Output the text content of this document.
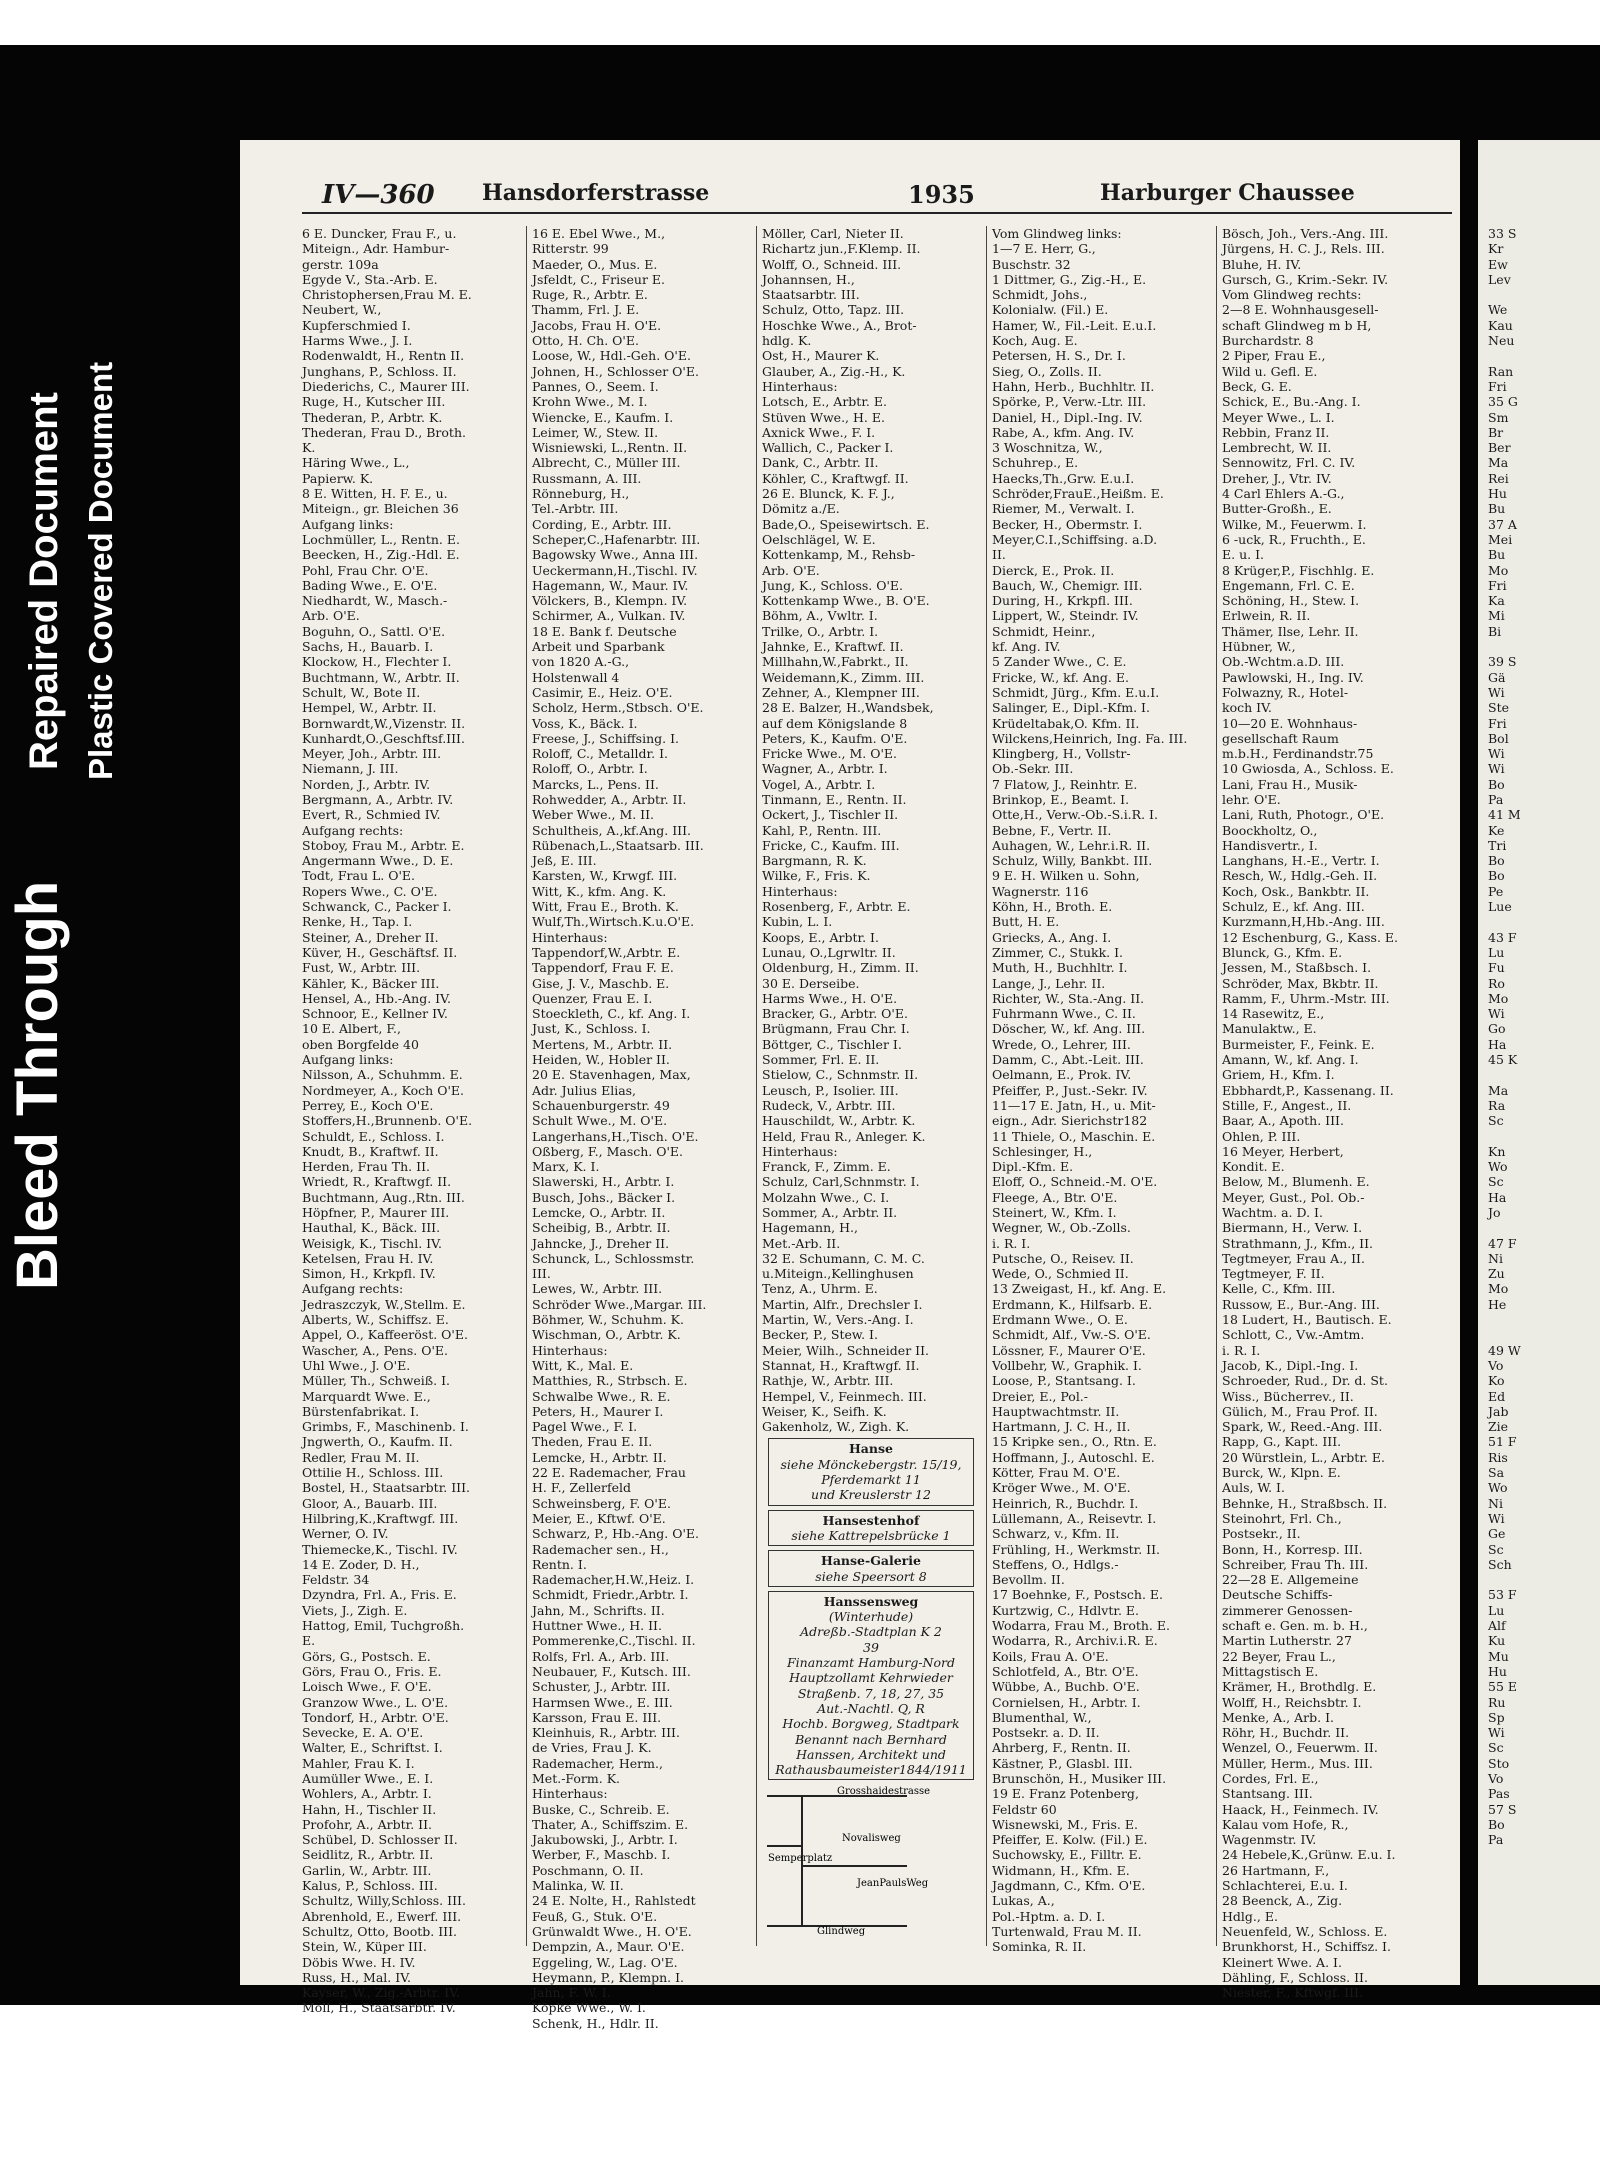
Bleed Through
Repaired Document Plastic Covered Document
IV—360 Hansdorferstrasse	1935	Harburger Chaussee
6 E. Duncker, Frau F., u.
Miteign., Adr. Hambur-
gerstr. 109a
Egyde V., Sta.-Arb. E.
Christophersen,Frau M. E.
Neubert, W.,
Kupferschmied I.
Harms Wwe., J. I.
Rodenwaldt, H., Rentn II.
Junghans, P., Schloss. II.
Diederichs, C., Maurer III.
Ruge, H., Kutscher III.
Thederan, P., Arbtr. K.
Thederan, Frau D., Broth.
K.
Häring Wwe., L.,
Papierw. K.
8 E. Witten, H. F. E., u.
Miteign., gr. Bleichen 36
Aufgang links:
Lochmüller, L., Rentn. E.
Beecken, H., Zig.-Hdl. E.
Pohl, Frau Chr. O'E.
Bading Wwe., E. O'E.
Niedhardt, W., Masch.-
Arb. O'E.
Boguhn, O., Sattl. O'E.
Sachs, H., Bauarb. I.
Klockow, H., Flechter I.
Buchtmann, W., Arbtr. II.
Schult, W., Bote II.
Hempel, W., Arbtr. II.
Bornwardt,W.,Vizenstr. II.
Kunhardt,O.,Geschftsf.III.
Meyer, Joh., Arbtr. III.
Niemann, J. III.
Norden, J., Arbtr. IV.
Bergmann, A., Arbtr. IV.
Evert, R., Schmied IV.
Aufgang rechts:
Stoboy, Frau M., Arbtr. E.
Angermann Wwe., D. E.
Todt, Frau L. O'E.
Ropers Wwe., C. O'E.
Schwanck, C., Packer I.
Renke, H., Tap. I.
Steiner, A., Dreher II.
Küver, H., Geschäftsf. II.
Fust, W., Arbtr. III.
Kähler, K., Bäcker III.
Hensel, A., Hb.-Ang. IV.
Schnoor, E., Kellner IV.
10 E. Albert, F.,
oben Borgfelde 40
Aufgang links:
Nilsson, A., Schuhmm. E.
Nordmeyer, A., Koch O'E.
Perrey, E., Koch O'E.
Stoffers,H.,Brunnenb. O'E.
Schuldt, E., Schloss. I.
Knudt, B., Kraftwf. II.
Herden, Frau Th. II.
Wriedt, R., Kraftwgf. II.
Buchtmann, Aug.,Rtn. III.
Höpfner, P., Maurer III.
Hauthal, K., Bäck. III.
Weisigk, K., Tischl. IV.
Ketelsen, Frau H. IV.
Simon, H., Krkpfl. IV.
Aufgang rechts:
Jedraszczyk, W.,Stellm. E.
Alberts, W., Schiffsz. E.
Appel, O., Kaffeeröst. O'E.
Wascher, A., Pens. O'E.
Uhl Wwe., J. O'E.
Müller, Th., Schweiß. I.
Marquardt Wwe. E.,
Bürstenfabrikat. I.
Grimbs, F., Maschinenb. I.
Jngwerth, O., Kaufm. II.
Redler, Frau M. II.
Ottilie H., Schloss. III.
Bostel, H., Staatsarbtr. III.
Gloor, A., Bauarb. III.
Hilbring,K.,Kraftwgf. III.
Werner, O. IV.
Thiemecke,K., Tischl. IV.
14 E. Zoder, D. H.,
Feldstr. 34
Dzyndra, Frl. A., Fris. E.
Viets, J., Zigh. E.
Hattog, Emil, Tuchgroßh.
E.
Görs, G., Postsch. E.
Görs, Frau O., Fris. E.
Loisch Wwe., F. O'E.
Granzow Wwe., L. O'E.
Tondorf, H., Arbtr. O'E.
Sevecke, E. A. O'E.
Walter, E., Schriftst. I.
Mahler, Frau K. I.
Aumüller Wwe., E. I.
Wohlers, A., Arbtr. I.
Hahn, H., Tischler II.
Profohr, A., Arbtr. II.
Schübel, D. Schlosser II.
Seidlitz, R., Arbtr. II.
Garlin, W., Arbtr. III.
Kalus, P., Schloss. III.
Schultz, Willy,Schloss. III.
Abrenhold, E., Ewerf. III.
Schultz, Otto, Bootb. III.
Stein, W., Küper III.
Döbis Wwe. H. IV.
Russ, H., Mal. IV.
Kayser, W., Zig.-Arbtr. IV.
Moll, H., Staatsarbtr. IV.
16 E. Ebel Wwe., M.,
Ritterstr. 99
Maeder, O., Mus. E.
Jsfeldt, C., Friseur E.
Ruge, R., Arbtr. E.
Thamm, Frl. J. E.
Jacobs, Frau H. O'E.
Otto, H. Ch. O'E.
Loose, W., Hdl.-Geh. O'E.
Johnen, H., Schlosser O'E.
Pannes, O., Seem. I.
Krohn Wwe., M. I.
Wiencke, E., Kaufm. I.
Leimer, W., Stew. II.
Wisniewski, L.,Rentn. II.
Albrecht, C., Müller III.
Russmann, A. III.
Rönneburg, H.,
Tel.-Arbtr. III.
Cording, E., Arbtr. III.
Scheper,C.,Hafenarbtr. III.
Bagowsky Wwe., Anna III.
Ueckermann,H.,Tischl. IV.
Hagemann, W., Maur. IV.
Völckers, B., Klempn. IV.
Schirmer, A., Vulkan. IV.
18 E. Bank f. Deutsche
Arbeit und Sparbank
von 1820 A.-G.,
Holstenwall 4
Casimir, E., Heiz. O'E.
Scholz, Herm.,Stbsch. O'E.
Voss, K., Bäck. I.
Freese, J., Schiffsing. I.
Roloff, C., Metalldr. I.
Roloff, O., Arbtr. I.
Marcks, L., Pens. II.
Rohwedder, A., Arbtr. II.
Weber Wwe., M. II.
Schultheis, A.,kf.Ang. III.
Rübenach,L.,Staatsarb. III.
Jeß, E. III.
Karsten, W., Krwgf. III.
Witt, K., kfm. Ang. K.
Witt, Frau E., Broth. K.
Wulf,Th.,Wirtsch.K.u.O'E.
Hinterhaus:
Tappendorf,W.,Arbtr. E.
Tappendorf, Frau F. E.
Gise, J. V., Maschb. E.
Quenzer, Frau E. I.
Stoeckleth, C., kf. Ang. I.
Just, K., Schloss. I.
Mertens, M., Arbtr. II.
Heiden, W., Hobler II.
20 E. Stavenhagen, Max,
Adr. Julius Elias,
Schauenburgerstr. 49
Schult Wwe., M. O'E.
Langerhans,H.,Tisch. O'E.
Oßberg, F., Masch. O'E.
Marx, K. I.
Slawerski, H., Arbtr. I.
Busch, Johs., Bäcker I.
Lemcke, O., Arbtr. II.
Scheibig, B., Arbtr. II.
Jahncke, J., Dreher II.
Schunck, L., Schlossmstr.
III.
Lewes, W., Arbtr. III.
Schröder Wwe.,Margar. III.
Böhmer, W., Schuhm. K.
Wischman, O., Arbtr. K.
Hinterhaus:
Witt, K., Mal. E.
Matthies, R., Strbsch. E.
Schwalbe Wwe., R. E.
Peters, H., Maurer I.
Pagel Wwe., F. I.
Theden, Frau E. II.
Lemcke, H., Arbtr. II.
22 E. Rademacher, Frau
H. F., Zellerfeld
Schweinsberg, F. O'E.
Meier, E., Kftwf. O'E.
Schwarz, P., Hb.-Ang. O'E.
Rademacher sen., H.,
Rentn. I.
Rademacher,H.W.,Heiz. I.
Schmidt, Friedr.,Arbtr. I.
Jahn, M., Schrifts. II.
Huttner Wwe., H. II.
Pommerenke,C.,Tischl. II.
Rolfs, Frl. A., Arb. III.
Neubauer, F., Kutsch. III.
Schuster, J., Arbtr. III.
Harmsen Wwe., E. III.
Karsson, Frau E. III.
Kleinhuis, R., Arbtr. III.
de Vries, Frau J. K.
Rademacher, Herm.,
Met.-Form. K.
Hinterhaus:
Buske, C., Schreib. E.
Thater, A., Schiffszim. E.
Jakubowski, J., Arbtr. I.
Werber, F., Maschb. I.
Poschmann, O. II.
Malinka, W. II.
24 E. Nolte, H., Rahlstedt
Feuß, G., Stuk. O'E.
Grünwaldt Wwe., H. O'E.
Dempzin, A., Maur. O'E.
Eggeling, W., Lag. O'E.
Heymann, P., Klempn. I.
Jahn, F. W. I.
Köpke Wwe., W. I.
Schenk, H., Hdlr. II.
Möller, Carl, Nieter II.
Richartz jun.,F.Klemp. II.
Wolff, O., Schneid. III.
Johannsen, H.,
Staatsarbtr. III.
Schulz, Otto, Tapz. III.
Hoschke Wwe., A., Brot-
hdlg. K.
Ost, H., Maurer K.
Glauber, A., Zig.-H., K.
Hinterhaus:
Lotsch, E., Arbtr. E.
Stüven Wwe., H. E.
Axnick Wwe., F. I.
Wallich, C., Packer I.
Dank, C., Arbtr. II.
Köhler, C., Kraftwgf. II.
26 E. Blunck, K. F. J.,
Dömitz a./E.
Bade,O., Speisewirtsch. E.
Oelschlägel, W. E.
Kottenkamp, M., Rehsb-
Arb. O'E.
Jung, K., Schloss. O'E.
Kottenkamp Wwe., B. O'E.
Böhm, A., Vwltr. I.
Trilke, O., Arbtr. I.
Jahnke, E., Kraftwf. II.
Millhahn,W.,Fabrkt., II.
Weidemann,K., Zimm. III.
Zehner, A., Klempner III.
28 E. Balzer, H.,Wandsbek,
auf dem Königslande 8
Peters, K., Kaufm. O'E.
Fricke Wwe., M. O'E.
Wagner, A., Arbtr. I.
Vogel, A., Arbtr. I.
Tinmann, E., Rentn. II.
Ockert, J., Tischler II.
Kahl, P., Rentn. III.
Fricke, C., Kaufm. III.
Bargmann, R. K.
Wilke, F., Fris. K.
Hinterhaus:
Rosenberg, F., Arbtr. E.
Kubin, L. I.
Koops, E., Arbtr. I.
Lunau, O.,Lgrwltr. II.
Oldenburg, H., Zimm. II.
30 E. Derseibe.
Harms Wwe., H. O'E.
Bracker, G., Arbtr. O'E.
Brügmann, Frau Chr. I.
Böttger, C., Tischler I.
Sommer, Frl. E. II.
Stielow, C., Schnmstr. II.
Leusch, P., Isolier. III.
Rudeck, V., Arbtr. III.
Hauschildt, W., Arbtr. K.
Held, Frau R., Anleger. K.
Hinterhaus:
Franck, F., Zimm. E.
Schulz, Carl,Schnmstr. I.
Molzahn Wwe., C. I.
Sommer, A., Arbtr. II.
Hagemann, H.,
Met.-Arb. II.
32 E. Schumann, C. M. C.
u.Miteign.,Kellinghusen
Tenz, A., Uhrm. E.
Martin, Alfr., Drechsler I.
Martin, W., Vers.-Ang. I.
Becker, P., Stew. I.
Meier, Wilh., Schneider II.
Stannat, H., Kraftwgf. II.
Rathje, W., Arbtr. III.
Hempel, V., Feinmech. III.
Weiser, K., Seifh. K.
Gakenholz, W., Zigh. K.
Hanse
siehe Mönckebergstr. 15/19,
Pferdemarkt 11
und Kreuslerstr 12
Hansestenhof
siehe Kattrepelsbrücke 1
Hanse-Galerie
siehe Speersort 8
Hanssensweg
(Winterhude)
Adreßb.-Stadtplan K 2
39
Finanzamt Hamburg-Nord
Hauptzollamt Kehrwieder
Straßenb. 7, 18, 27, 35
Aut.-Nachtl. Q, R
Hochb. Borgweg, Stadtpark
Benannt nach Bernhard
Hanssen, Architekt und
Rathausbaumeister1844/1911
Grosshaidestrasse
Novalisweg
Semperplatz
JeanPaulsWeg
Glindweg
Vom Glindweg links:
1—7 E. Herr, G.,
Buschstr. 32
1 Dittmer, G., Zig.-H., E.
Schmidt, Johs.,
Kolonialw. (Fil.) E.
Hamer, W., Fil.-Leit. E.u.I.
Koch, Aug. E.
Petersen, H. S., Dr. I.
Sieg, O., Zolls. II.
Hahn, Herb., Buchhltr. II.
Spörke, P., Verw.-Ltr. III.
Daniel, H., Dipl.-Ing. IV.
Rabe, A., kfm. Ang. IV.
3 Woschnitza, W.,
Schuhrep., E.
Haecks,Th.,Grw. E.u.I.
Schröder,FrauE.,Heißm. E.
Riemer, M., Verwalt. I.
Becker, H., Obermstr. I.
Meyer,C.I.,Schiffsing. a.D.
II.
Dierck, E., Prok. II.
Bauch, W., Chemigr. III.
During, H., Krkpfl. III.
Lippert, W., Steindr. IV.
Schmidt, Heinr.,
kf. Ang. IV.
5 Zander Wwe., C. E.
Fricke, W., kf. Ang. E.
Schmidt, Jürg., Kfm. E.u.I.
Salinger, E., Dipl.-Kfm. I.
Krüdeltabak,O. Kfm. II.
Wilckens,Heinrich, Ing. Fa. III.
Klingberg, H., Vollstr-
Ob.-Sekr. III.
7 Flatow, J., Reinhtr. E.
Brinkop, E., Beamt. I.
Otte,H., Verw.-Ob.-S.i.R. I.
Bebne, F., Vertr. II.
Auhagen, W., Lehr.i.R. II.
Schulz, Willy, Bankbt. III.
9 E. H. Wilken u. Sohn,
Wagnerstr. 116
Köhn, H., Broth. E.
Butt, H. E.
Griecks, A., Ang. I.
Zimmer, C., Stukk. I.
Muth, H., Buchhltr. I.
Lange, J., Lehr. II.
Richter, W., Sta.-Ang. II.
Fuhrmann Wwe., C. II.
Döscher, W., kf. Ang. III.
Wrede, O., Lehrer, III.
Damm, C., Abt.-Leit. III.
Oelmann, E., Prok. IV.
Pfeiffer, P., Just.-Sekr. IV.
11—17 E. Jatn, H., u. Mit-
eign., Adr. Sierichstr182
11 Thiele, O., Maschin. E.
Schlesinger, H.,
Dipl.-Kfm. E.
Eloff, O., Schneid.-M. O'E.
Fleege, A., Btr. O'E.
Steinert, W., Kfm. I.
Wegner, W., Ob.-Zolls.
i. R. I.
Putsche, O., Reisev. II.
Wede, O., Schmied II.
13 Zweigast, H., kf. Ang. E.
Erdmann, K., Hilfsarb. E.
Erdmann Wwe., O. E.
Schmidt, Alf., Vw.-S. O'E.
Lössner, F., Maurer O'E.
Vollbehr, W., Graphik. I.
Loose, P., Stantsang. I.
Dreier, E., Pol.-
Hauptwachtmstr. II.
Hartmann, J. C. H., II.
15 Kripke sen., O., Rtn. E.
Hoffmann, J., Autoschl. E.
Kötter, Frau M. O'E.
Kröger Wwe., M. O'E.
Heinrich, R., Buchdr. I.
Lüllemann, A., Reisevtr. I.
Schwarz, v., Kfm. II.
Frühling, H., Werkmstr. II.
Steffens, O., Hdlgs.-
Bevollm. II.
17 Boehnke, F., Postsch. E.
Kurtzwig, C., Hdlvtr. E.
Wodarra, Frau M., Broth. E.
Wodarra, R., Archiv.i.R. E.
Koils, Frau A. O'E.
Schlotfeld, A., Btr. O'E.
Wübbe, A., Buchb. O'E.
Cornielsen, H., Arbtr. I.
Blumenthal, W.,
Postsekr. a. D. II.
Ahrberg, F., Rentn. II.
Kästner, P., Glasbl. III.
Brunschön, H., Musiker III.
19 E. Franz Potenberg,
Feldstr 60
Wisnewski, M., Fris. E.
Pfeiffer, E. Kolw. (Fil.) E.
Suchowsky, E., Filltr. E.
Widmann, H., Kfm. E.
Jagdmann, C., Kfm. O'E.
Lukas, A.,
Pol.-Hptm. a. D. I.
Turtenwald, Frau M. II.
Sominka, R. II.
Bösch, Joh., Vers.-Ang. III.
Jürgens, H. C. J., Rels. III.
Bluhe, H. IV.
Gursch, G., Krim.-Sekr. IV.
Vom Glindweg rechts:
2—8 E. Wohnhausgesell-
schaft Glindweg m b H,
Burchardstr. 8
2 Piper, Frau E.,
Wild u. Gefl. E.
Beck, G. E.
Schick, E., Bu.-Ang. I.
Meyer Wwe., L. I.
Rebbin, Franz II.
Lembrecht, W. II.
Sennowitz, Frl. C. IV.
Dreher, J., Vtr. IV.
4 Carl Ehlers A.-G.,
Butter-Großh., E.
Wilke, M., Feuerwm. I.
6 -uck, R., Fruchth., E.
E. u. I.
8 Krüger,P., Fischhlg. E.
Engemann, Frl. C. E.
Schöning, H., Stew. I.
Erlwein, R. II.
Thämer, Ilse, Lehr. II.
Hübner, W.,
Ob.-Wchtm.a.D. III.
Pawlowski, H., Ing. IV.
Folwazny, R., Hotel-
koch IV.
10—20 E. Wohnhaus-
gesellschaft Raum
m.b.H., Ferdinandstr.75
10 Gwiosda, A., Schloss. E.
Lani, Frau H., Musik-
lehr. O'E.
Lani, Ruth, Photogr., O'E.
Boockholtz, O.,
Handisvertr., I.
Langhans, H.-E., Vertr. I.
Resch, W., Hdlg.-Geh. II.
Koch, Osk., Bankbtr. II.
Schulz, E., kf. Ang. III.
Kurzmann,H,Hb.-Ang. III.
12 Eschenburg, G., Kass. E.
Blunck, G., Kfm. E.
Jessen, M., Staßbsch. I.
Schröder, Max, Bkbtr. II.
Ramm, F., Uhrm.-Mstr. III.
14 Rasewitz, E.,
Manulaktw., E.
Burmeister, F., Feink. E.
Amann, W., kf. Ang. I.
Griem, H., Kfm. I.
Ebbhardt,P., Kassenang. II.
Stille, F., Angest., II.
Baar, A., Apoth. III.
Ohlen, P. III.
16 Meyer, Herbert,
Kondit. E.
Below, M., Blumenh. E.
Meyer, Gust., Pol. Ob.-
Wachtm. a. D. I.
Biermann, H., Verw. I.
Strathmann, J., Kfm., II.
Tegtmeyer, Frau A., II.
Tegtmeyer, F. II.
Kelle, C., Kfm. III.
Russow, E., Bur.-Ang. III.
18 Ludert, H., Bautisch. E.
Schlott, C., Vw.-Amtm.
i. R. I.
Jacob, K., Dipl.-Ing. I.
Schroeder, Rud., Dr. d. St.
Wiss., Bücherrev., II.
Gülich, M., Frau Prof. II.
Spark, W., Reed.-Ang. III.
Rapp, G., Kapt. III.
20 Würstlein, L., Arbtr. E.
Burck, W., Klpn. E.
Auls, W. I.
Behnke, H., Straßbsch. II.
Steinohrt, Frl. Ch.,
Postsekr., II.
Bonn, H., Korresp. III.
Schreiber, Frau Th. III.
22—28 E. Allgemeine
Deutsche Schiffs-
zimmerer Genossen-
schaft e. Gen. m. b. H.,
Martin Lutherstr. 27
22 Beyer, Frau L.,
Mittagstisch E.
Krämer, H., Brothdlg. E.
Wolff, H., Reichsbtr. I.
Menke, A., Arb. I.
Röhr, H., Buchdr. II.
Wenzel, O., Feuerwm. II.
Müller, Herm., Mus. III.
Cordes, Frl. E.,
Stantsang. III.
Haack, H., Feinmech. IV.
Kalau vom Hofe, R.,
Wagenmstr. IV.
24 Hebele,K.,Grünw. E.u. I.
26 Hartmann, F.,
Schlachterei, E.u. I.
28 Beenck, A., Zig.
Hdlg., E.
Neuenfeld, W., Schloss. E.
Brunkhorst, H., Schiffsz. I.
Kleinert Wwe. A. I.
Dähling, F., Schloss. II.
Niester, F., Kftwgf. III.
33 S
Kr
Ew
Lev

We
Kau
Neu

Ran
Fri
35 G
Sm
Br
Ber
Ma
Rei
Hu
Bu
37 A
Mei
Bu
Mo
Fri
Ka
Mi
Bi

39 S
Gä
Wi
Ste
Fri
Bol
Wi
Wi
Bo
Pa
41 M
Ke
Tri
Bo
Bo
Pe
Lue

43 F
Lu
Fu
Ro
Mo
Wi
Go
Ha
45 K

Ma
Ra
Sc

Kn
Wo
Sc
Ha
Jo

47 F
Ni
Zu
Mo
He

49 W
Vo
Ko
Ed
Jab
Zie
51 F
Ris
Sa
Wo
Ni
Wi
Ge
Sc
Sch

53 F
Lu
Alf
Ku
Mu
Hu
55 E
Ru
Sp
Wi
Sc
Sto
Vo
Pas
57 S
Bo
Pa
